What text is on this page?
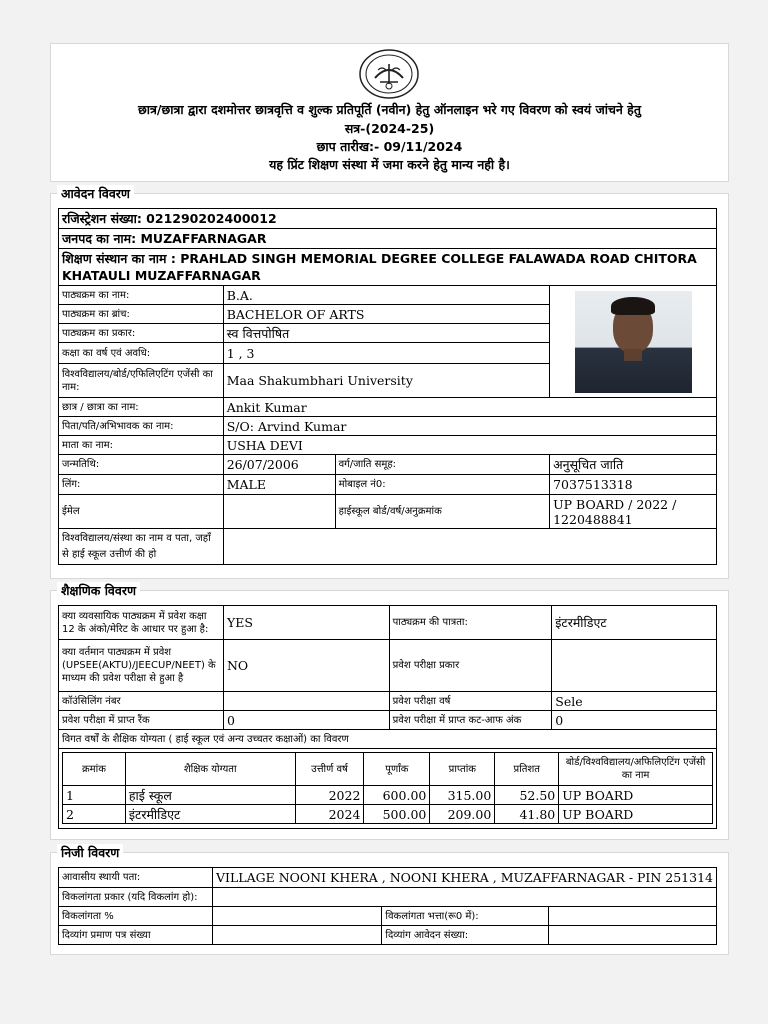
छात्र/छात्रा द्वारा दशमोत्तर छात्रवृत्ति व शुल्क प्रतिपूर्ति (नवीन) हेतु ऑनलाइन भरे गए विवरण को स्वयं जांचने हेतु
सत्र-(2024-25)
छाप तारीख:- 09/11/2024
यह प्रिंट शिक्षण संस्था में जमा करने हेतु मान्य नही है।
आवेदन विवरण
रजिस्ट्रेशन संख्या: 021290202400012			
जनपद का नाम: MUZAFFARNAGAR			
शिक्षण संस्थान का नाम : PRAHLAD SINGH MEMORIAL DEGREE COLLEGE FALAWADA ROAD CHITORA KHATAULI MUZAFFARNAGAR			
पाठ्यक्रम का नाम:	B.A.		

पाठ्यक्रम का ब्रांच:	BACHELOR OF ARTS		
पाठ्यक्रम का प्रकार:	स्व वित्तपोषित		
कक्षा का वर्ष एवं अवधि:	1 , 3		
विश्वविद्यालय/बोर्ड/एफिलिएटिंग एजेंसी का नाम:	Maa Shakumbhari University		
छात्र / छात्रा का नाम:	Ankit Kumar		
पिता/पति/अभिभावक का नाम:	S/O: Arvind Kumar		
माता का नाम:	USHA DEVI		
जन्मतिथि:	26/07/2006	वर्ग/जाति समूह:	अनुसूचित जाति
लिंग:	MALE	मोबाइल नं0:	7037513318
ईमेल		हाईस्कूल बोर्ड/वर्ष/अनुक्रमांक	UP BOARD / 2022 / 1220488841
विश्वविद्यालय/संस्था का नाम व पता, जहाँ से हाई स्कूल उत्तीर्ण की हो			
शैक्षणिक विवरण
क्या व्यवसायिक पाठ्यक्रम में प्रवेश कक्षा 12 के अंको/मेरिट के आधार पर हुआ है:	YES	पाठ्यक्रम की पात्रता:	इंटरमीडिएट
क्या वर्तमान पाठ्यक्रम में प्रवेश (UPSEE(AKTU)/JEECUP/NEET) के माध्यम की प्रवेश परीक्षा से हुआ है	NO	प्रवेश परीक्षा प्रकार	
कॉउंसिलिंग नंबर		प्रवेश परीक्षा वर्ष	Sele
प्रवेश परीक्षा में प्राप्त रैंक	0	प्रवेश परीक्षा में प्राप्त कट-आफ अंक	0
विगत वर्षों के शैक्षिक योग्यता ( हाई स्कूल एवं अन्य उच्चतर कक्षाओं) का विवरण

क्रमांक	शैक्षिक योग्यता	उत्तीर्ण वर्ष	पूर्णांक	प्राप्तांक	प्रतिशत	बोर्ड/विश्वविद्यालय/अफिलिएटिंग एजेंसी का नाम
1	हाई स्कूल	2022	600.00	315.00	52.50	UP BOARD
2	इंटरमीडिएट	2024	500.00	209.00	41.80	UP BOARD
निजी विवरण
आवासीय स्थायी पता:	VILLAGE NOONI KHERA , NOONI KHERA , MUZAFFARNAGAR - PIN 251314		
विकलांगता प्रकार (यदि विकलांग हो):			
विकलांगता %		विकलांगता भत्ता(रू0 में):	
दिव्यांग प्रमाण पत्र संख्या		दिव्यांग आवेदन संख्या:	
